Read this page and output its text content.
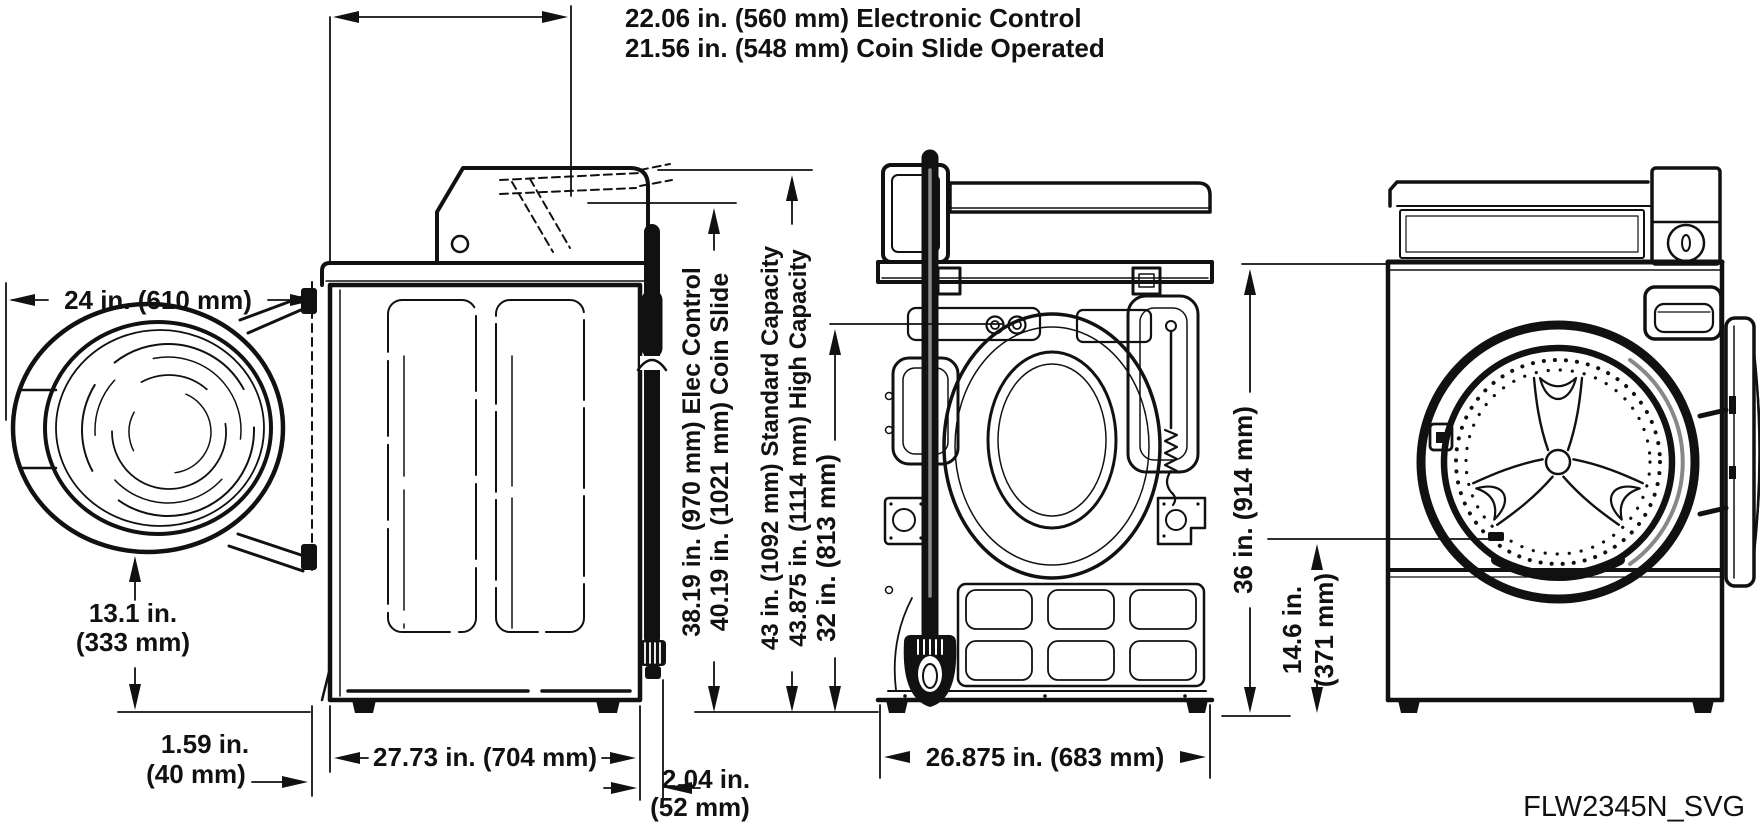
22.06 in. (560 mm) Electronic Control
21.56 in. (548 mm) Coin Slide Operated
24 in. (610 mm)
13.1 in.
(333 mm)
1.59 in.
(40 mm)
27.73 in. (704 mm)
38.19 in. (970 mm) Elec Control 40.19 in. (1021 mm) Coin Slide 43 in. (1092 mm) Standard Capacity 43.875 in. (1114 mm) High Capacity 32 in. (813 mm)
2.04 in.
(52 mm)
26.875 in. (683 mm)
36 in. (914 mm)
14.6 in. (371 mm)
FLW2345N_SVG
